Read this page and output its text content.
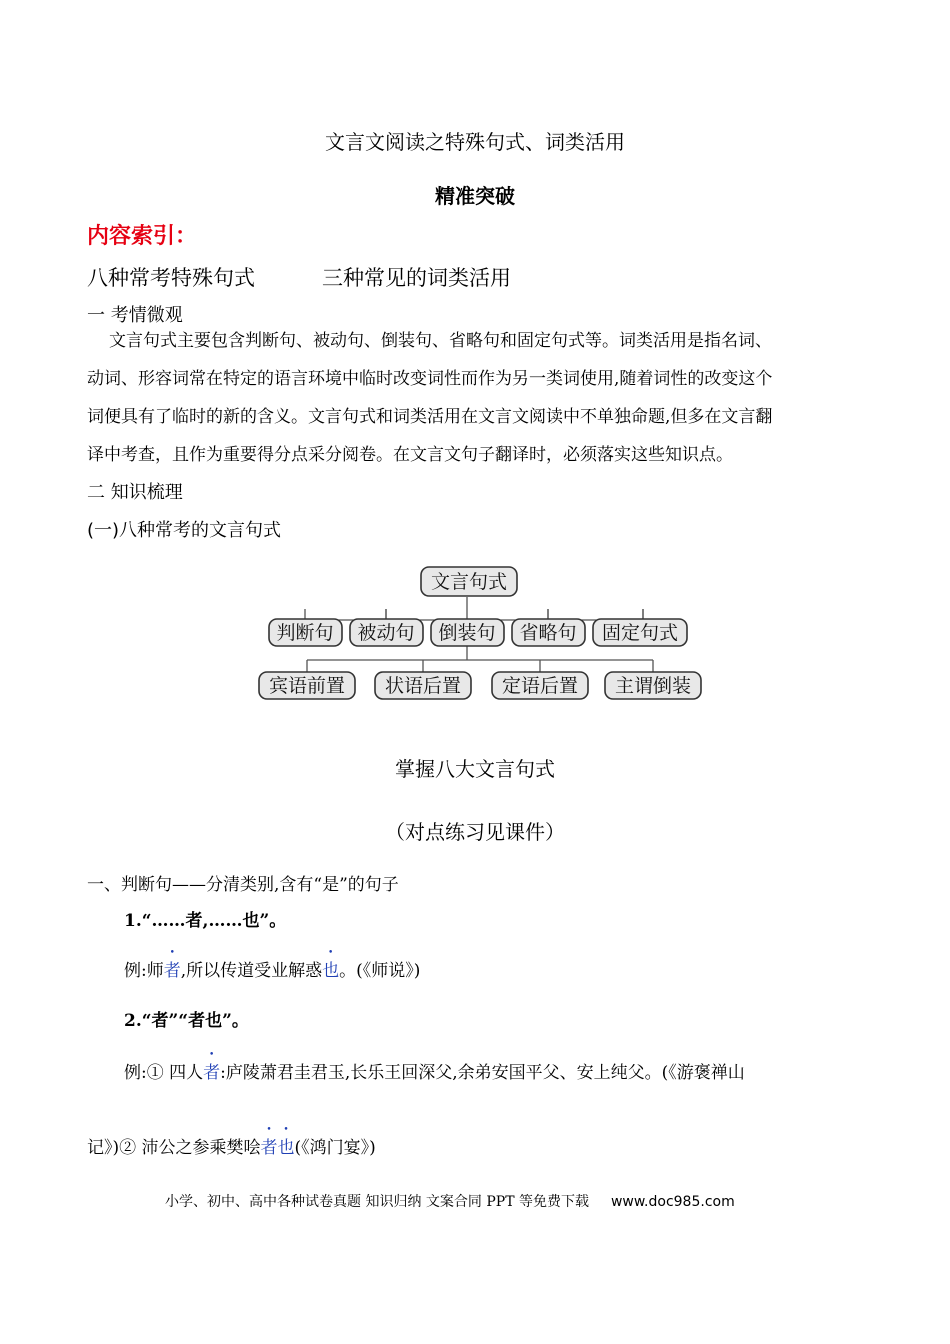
文言文阅读之特殊句式、词类活用
精准突破
内容索引：
八种常考特殊句式	三种常见的词类活用
一 考情微观
文言句式主要包含判断句、被动句、倒装句、省略句和固定句式等。词类活用是指名词、
动词、形容词常在特定的语言环境中临时改变词性而作为另一类词使用,随着词性的改变这个
词便具有了临时的新的含义。文言句式和词类活用在文言文阅读中不单独命题,但多在文言翻
译中考查，且作为重要得分点采分阅卷。在文言文句子翻译时，必须落实这些知识点。
二 知识梳理
(一)八种常考的文言句式
文言句式
判断句 被动句 倒装句 省略句 固定句式
宾语前置 状语后置 定语后置 主谓倒装
掌握八大文言句式
（对点练习见课件）
一、判断句——分清类别,含有“是”的句子
1.“……者,……也”。
例:师者,所以传道受业解惑也。(《师说》)
2.“者”“者也”。
例:① 四人者:庐陵萧君圭君玉,长乐王回深父,余弟安国平父、安上纯父。(《游褒禅山
记》)② 沛公之参乘樊哙者也(《鸿门宴》)
小学、初中、高中各种试卷真题 知识归纳 文案合同 PPT 等免费下载 www.doc985.com
